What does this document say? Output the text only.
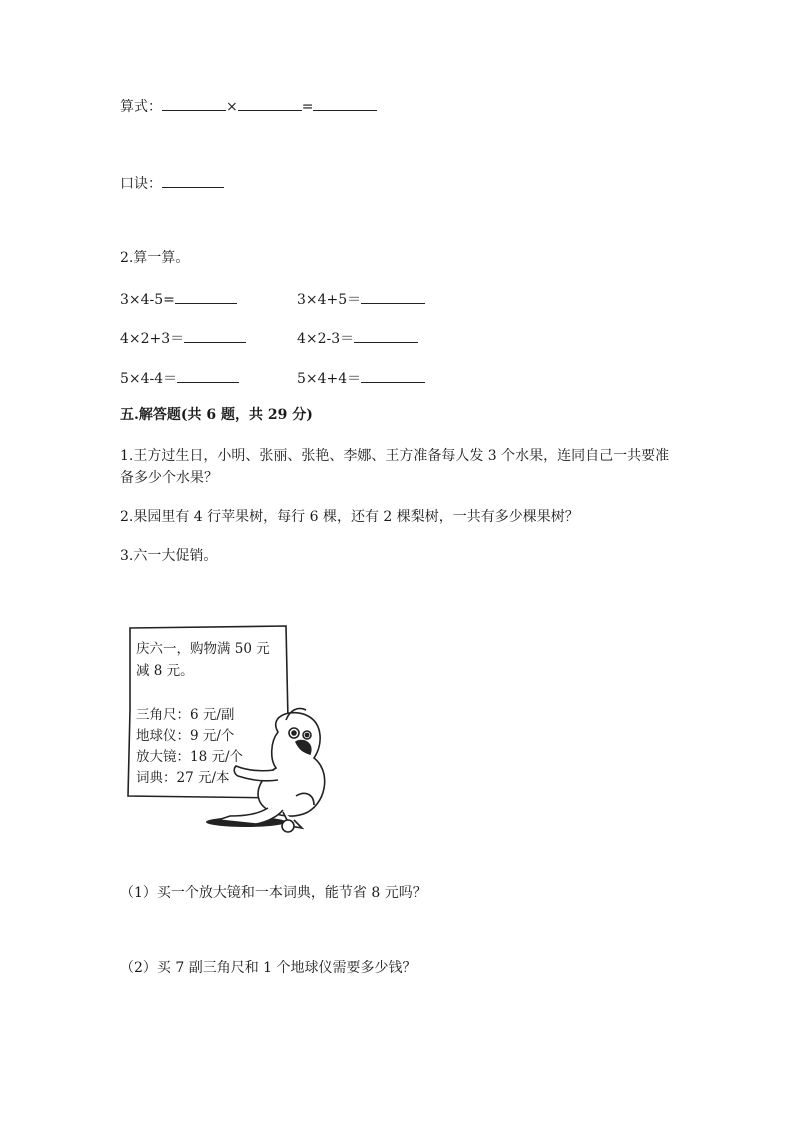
算式：	×	=
口诀：
2.算一算。
3×4-5=	3×4+5＝
4×2+3＝	4×2-3＝
5×4-4＝	5×4+4＝
五.解答题(共 6 题，共 29 分)
1.王方过生日，小明、张丽、张艳、李娜、王方准备每人发 3 个水果，连同自己一共要准备多少个水果？
2.果园里有 4 行苹果树，每行 6 棵，还有 2 棵梨树，一共有多少棵果树？
3.六一大促销。
庆六一，购物满 50 元
减 8 元。
三角尺：6 元/副
地球仪：9 元/个
放大镜：18 元/个
词典：27 元/本
（1）买一个放大镜和一本词典，能节省 8 元吗？
（2）买 7 副三角尺和 1 个地球仪需要多少钱？
